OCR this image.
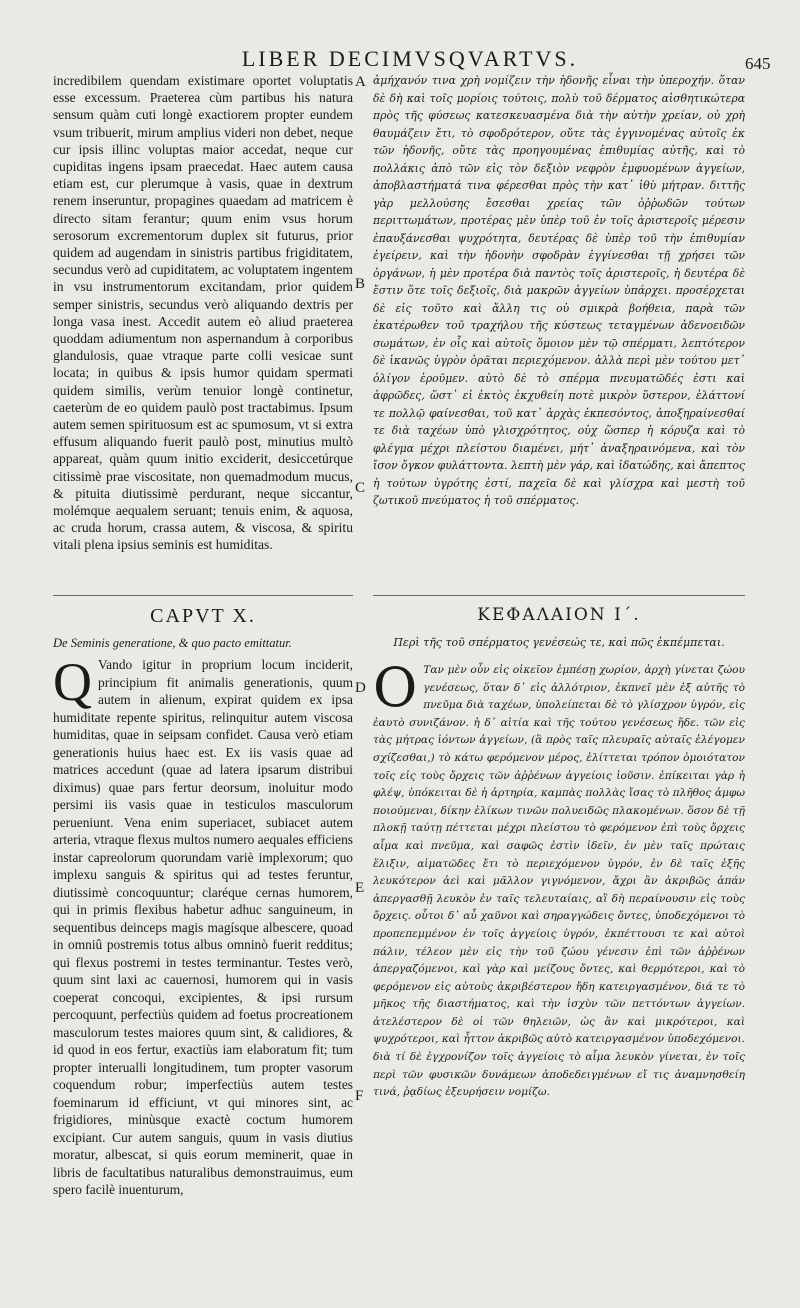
LIBER DECIMVSQVARTVS.	645

incredibilem quendam existimare oportet voluptatis esse excessum. Praeterea cùm partibus his natura sensum quàm cuti longè exactiorem propter eundem vsum tribuerit, mirum amplius videri non debet, neque cur ipsis illinc voluptas maior accedat, neque cur cupiditas ingens ipsam praecedat. Haec autem causa etiam est, cur plerumque à vasis, quae in dextrum renem inseruntur, propagines quaedam ad matricem è directo sitam ferantur; quum enim vsus horum serosorum excrementorum duplex sit futurus, prior quidem ad augendam in sinistris partibus frigiditatem, secundus verò ad cupiditatem, ac voluptatem ingentem in vsu instrumentorum excitandam, prior quidem semper sinistris, secundus verò aliquando dextris per longa vasa inest. Accedit autem eò aliud praeterea quoddam adiumentum non aspernandum à corporibus glandulosis, quae vtraque parte colli vesicae sunt locata; in quibus & ipsis humor quidam spermati quidem similis, verùm tenuior longè continetur, caeterùm de eo quidem paulò post tractabimus. Ipsum autem semen spirituosum est ac spumosum, vt si extra effusum aliquando fuerit paulò post, minutius multò appareat, quàm quum initio exciderit, desiccetúrque citissimè prae viscositate, non quemadmodum mucus, & pituita diutissimè perdurant, neque siccantur, molémque aequalem seruant; tenuis enim, & aquosa, ac cruda horum, crassa autem, & viscosa, & spiritu vitali plena ipsius seminis est humiditas.

ἀμήχανόν τινα χρὴ νομίζειν τὴν ἡδονῆς εἶναι τὴν ὑπεροχήν. ὅταν δὲ δὴ καὶ τοῖς μορίοις τούτοις, πολὺ τοῦ δέρματος αἰσθητικώτερα πρὸς τῆς φύσεως κατεσκευασμένα διὰ τὴν αὐτὴν χρείαν, οὐ χρὴ θαυμάζειν ἔτι, τὸ σφοδρότερον, οὔτε τὰς ἐγγινομένας αὐτοῖς ἐκ τῶν ἡδονῆς, οὔτε τὰς προηγουμένας ἐπιθυμίας αὐτῆς, καὶ τὸ πολλάκις ἀπὸ τῶν εἰς τὸν δεξιὸν νεφρὸν ἐμφυομένων ἀγγείων, ἀποβλαστήματά τινα φέρεσθαι πρὸς τὴν κατ᾿ ἰθὺ μήτραν. διττῆς γὰρ μελλούσης ἔσεσθαι χρείας τῶν ὀῤῥωδῶν τούτων περιττωμάτων, προτέρας μὲν ὑπὲρ τοῦ ἐν τοῖς ἀριστεροῖς μέρεσιν ἐπαυξάνεσθαι ψυχρότητα, δευτέρας δὲ ὑπὲρ τοῦ τὴν ἐπιθυμίαν ἐγείρειν, καὶ τὴν ἡδονὴν σφοδρὰν ἐγγίνεσθαι τῇ χρήσει τῶν ὀργάνων, ἡ μὲν προτέρα διὰ παντὸς τοῖς ἀριστεροῖς, ἡ δευτέρα δὲ ἔστιν ὅτε τοῖς δεξιοῖς, διὰ μακρῶν ἀγγείων ὑπάρχει. προσέρχεται δὲ εἰς τοῦτο καὶ ἄλλη τις οὐ σμικρὰ βοήθεια, παρὰ τῶν ἑκατέρωθεν τοῦ τραχήλου τῆς κύστεως τεταγμένων ἀδενοειδῶν σωμάτων, ἐν οἷς καὶ αὐτοῖς ὅμοιον μὲν τῷ σπέρματι, λεπτότερον δὲ ἱκανῶς ὑγρὸν ὁρᾶται περιεχόμενον. ἀλλὰ περὶ μὲν τούτου μετ᾿ ὀλίγον ἐροῦμεν. αὐτὸ δὲ τὸ σπέρμα πνευματῶδές ἐστι καὶ ἀφρῶδες, ὥστ᾿ εἰ ἐκτὸς ἐκχυθείη ποτὲ μικρὸν ὕστερον, ἐλάττονί τε πολλῷ φαίνεσθαι, τοῦ κατ᾿ ἀρχὰς ἐκπεσόντος, ἀποξηραίνεσθαί τε διὰ ταχέων ὑπὸ γλισχρότητος, οὐχ ὥσπερ ἡ κόρυζα καὶ τὸ φλέγμα μέχρι πλείστου διαμένει, μήτ᾿ ἀναξηραινόμενα, καὶ τὸν ἴσον ὄγκον φυλάττοντα. λεπτὴ μὲν γάρ, καὶ ἰδατώδης, καὶ ἄπεπτος ἡ τούτων ὑγρότης ἐστί, παχεῖα δὲ καὶ γλίσχρα καὶ μεστὴ τοῦ ζωτικοῦ πνεύματος ἡ τοῦ σπέρματος.

A
B
C
D
E
F
CAPVT X.	ΚΕΦΑΛΑΙΟΝ Ι΄.
De Seminis generatione, & quo pacto emittatur.	Περὶ τῆς τοῦ σπέρματος γενέσεώς τε, καὶ πῶς ἐκπέμπεται.
Q Vando igitur in proprium locum inciderit, principium fit animalis generationis, quum autem in alienum, expirat quidem ex ipsa humiditate repente spiritus, relinquitur autem viscosa humiditas, quae in seipsam confidet. Causa verò etiam generationis huius haec est. Ex iis vasis quae ad matrices accedunt (quae ad latera ipsarum distribui diximus) quae pars fertur deorsum, inoluitur modo persimi iis vasis quae in testiculos masculorum perueniunt. Vena enim superiacet, subiacet autem arteria, vtraque flexus multos numero aequales efficiens instar capreolorum quorundam variè implexorum; quo implexu sanguis & spiritus qui ad testes feruntur, diutissimè concoquuntur; claréque cernas humorem, qui in primis flexibus habetur adhuc sanguineum, in sequentibus deinceps magis magísque albescere, quoad in omniû postremis totus albus omninò fuerit redditus; qui flexus postremi in testes terminantur. Testes verò, quum sint laxi ac cauernosi, humorem qui in vasis coeperat concoqui, excipientes, & ipsi rursum percoquunt, perfectiùs quidem ad foetus procreationem masculorum testes maiores quum sint, & calidiores, & id quod in eos fertur, exactiùs iam elaboratum fit; tum propter interualli longitudinem, tum propter vasorum coquendum robur; imperfectiùs autem testes foeminarum id efficiunt, vt qui minores sint, ac frigidiores, minùsque exactè coctum humorem excipiant. Cur autem sanguis, quum in vasis diutius moratur, albescat, si quis eorum meminerit, quae in libris de facultatibus naturalibus demonstrauimus, eum spero facilè inuenturum,
Ο Ταν μὲν οὖν εἰς οἰκεῖον ἐμπέσῃ χωρίον, ἀρχὴ γίνεται ζώου γενέσεως, ὅταν δ᾿ εἰς ἀλλότριον, ἐκπνεῖ μὲν ἐξ αὐτῆς τὸ πνεῦμα διὰ ταχέων, ὑπολείπεται δὲ τὸ γλίσχρον ὑγρόν, εἰς ἑαυτὸ συνιζάνον. ἡ δ᾿ αἰτία καὶ τῆς τούτου γενέσεως ἥδε. τῶν εἰς τὰς μήτρας ἰόντων ἀγγείων, (ἃ πρὸς ταῖς πλευραῖς αὐταῖς ἐλέγομεν σχίζεσθαι,) τὸ κάτω φερόμενον μέρος, ἑλίττεται τρόπον ὁμοιότατον τοῖς εἰς τοὺς ὄρχεις τῶν ἀῤῥένων ἀγγείοις ἰοῦσιν. ἐπίκειται γὰρ ἡ φλέψ, ὑπόκειται δὲ ἡ ἀρτηρία, καμπὰς πολλὰς ἴσας τὸ πλῆθος ἀμφω ποιούμεναι, δίκην ἑλίκων τινῶν πολυειδῶς πλακομένων. ὅσον δὲ τῇ πλοκῇ ταύτῃ πέττεται μέχρι πλείστου τὸ φερόμενον ἐπὶ τοὺς ὄρχεις αἷμα καὶ πνεῦμα, καὶ σαφῶς ἐστὶν ἰδεῖν, ἐν μὲν ταῖς πρώταις ἕλιξιν, αἱματῶδες ἔτι τὸ περιεχόμενον ὑγρόν, ἐν δὲ ταῖς ἐξῆς λευκότερον ἀεὶ καὶ μᾶλλον γιγνόμενον, ἄχρι ἂν ἀκριβῶς ἁπάν ἀπεργασθῇ λευκὸν ἐν ταῖς τελευταίαις, αἳ δὴ περαίνουσιν εἰς τοὺς ὄρχεις. οὗτοι δ᾿ αὖ χαῦνοι καὶ σηραγγώδεις ὄντες, ὑποδεχόμενοι τὸ προπεπεμμένον ἐν τοῖς ἀγγείοις ὑγρόν, ἐκπέττουσι τε καὶ αὐτοὶ πάλιν, τέλεον μὲν εἰς τὴν τοῦ ζώου γένεσιν ἐπὶ τῶν ἀῤῥένων ἀπεργαζόμενοι, καὶ γὰρ καὶ μείζους ὄντες, καὶ θερμότεροι, καὶ τὸ φερόμενον εἰς αὐτοὺς ἀκριβέστερον ἤδη κατειργασμένον, διά τε τὸ μῆκος τῆς διαστήματος, καὶ τὴν ἰσχὺν τῶν πεττόντων ἀγγείων. ἀτελέστερον δὲ οἱ τῶν θηλειῶν, ὡς ἂν καὶ μικρότεροι, καὶ ψυχρότεροι, καὶ ἧττον ἀκριβῶς αὐτὸ κατειργασμένον ὑποδεχόμενοι. διὰ τί δὲ ἐγχρονίζον τοῖς ἀγγείοις τὸ αἷμα λευκὸν γίνεται, ἐν τοῖς περὶ τῶν φυσικῶν δυνάμεων ἀποδεδειγμένων εἴ τις ἀναμνησθείη τινά, ῥᾳδίως ἐξευρήσειν νομίζω.
